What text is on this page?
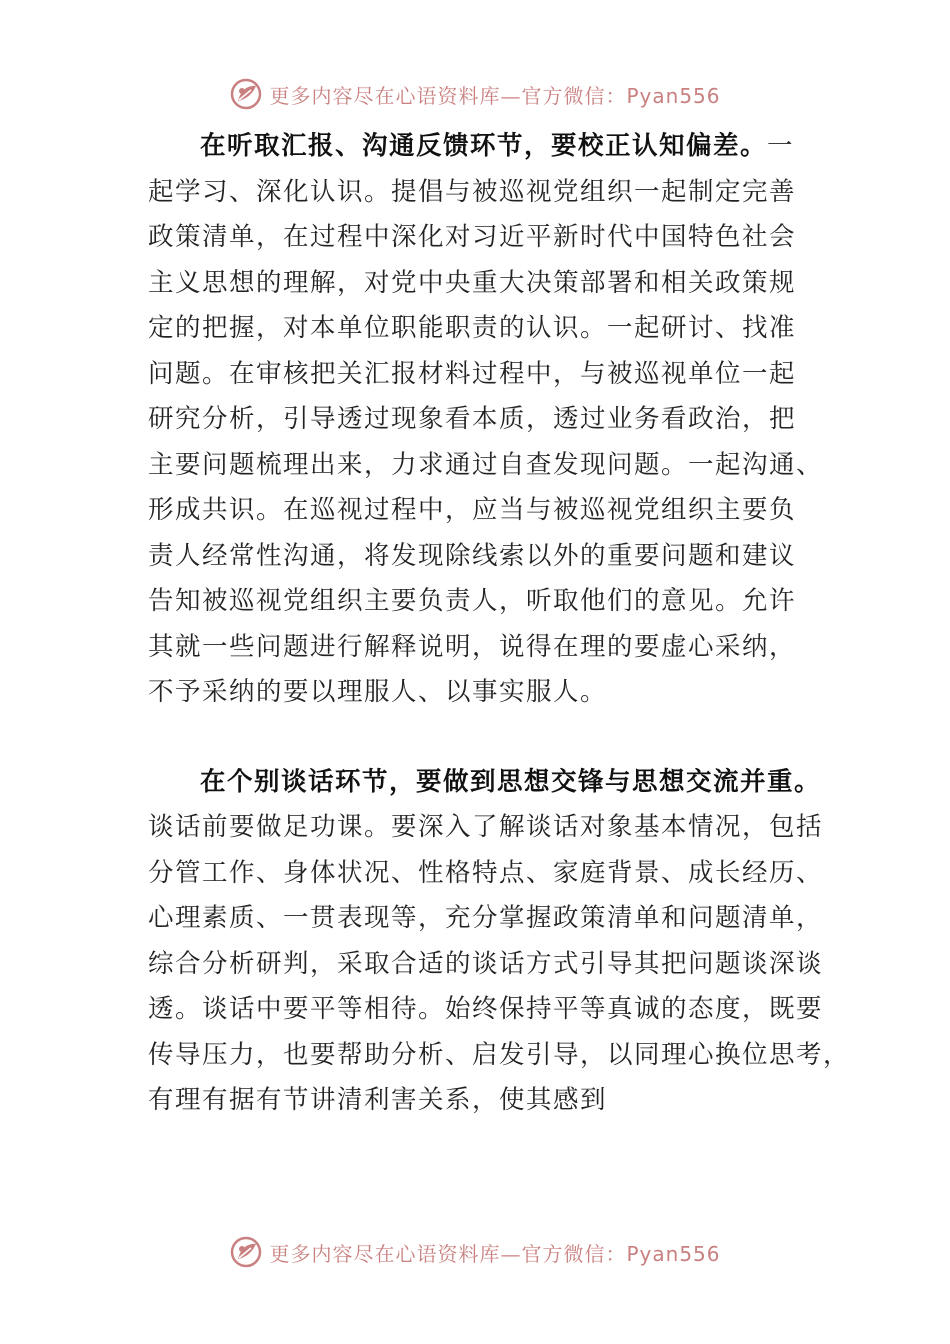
更多内容尽在心语资料库—官方微信：Pyan556

在听取汇报、沟通反馈环节，要校正认知偏差。一
起学习、深化认识。提倡与被巡视党组织一起制定完善
政策清单，在过程中深化对习近平新时代中国特色社会
主义思想的理解，对党中央重大决策部署和相关政策规
定的把握，对本单位职能职责的认识。一起研讨、找准
问题。在审核把关汇报材料过程中，与被巡视单位一起
研究分析，引导透过现象看本质，透过业务看政治，把
主要问题梳理出来，力求通过自查发现问题。一起沟通、
形成共识。在巡视过程中，应当与被巡视党组织主要负
责人经常性沟通，将发现除线索以外的重要问题和建议
告知被巡视党组织主要负责人，听取他们的意见。允许
其就一些问题进行解释说明，说得在理的要虚心采纳，
不予采纳的要以理服人、以事实服人。

在个别谈话环节，要做到思想交锋与思想交流并重。
谈话前要做足功课。要深入了解谈话对象基本情况，包括
分管工作、身体状况、性格特点、家庭背景、成长经历、
心理素质、一贯表现等，充分掌握政策清单和问题清单，
综合分析研判，采取合适的谈话方式引导其把问题谈深谈
透。谈话中要平等相待。始终保持平等真诚的态度，既要
传导压力，也要帮助分析、启发引导，以同理心换位思考，
有理有据有节讲清利害关系，使其感到

更多内容尽在心语资料库—官方微信：Pyan556
